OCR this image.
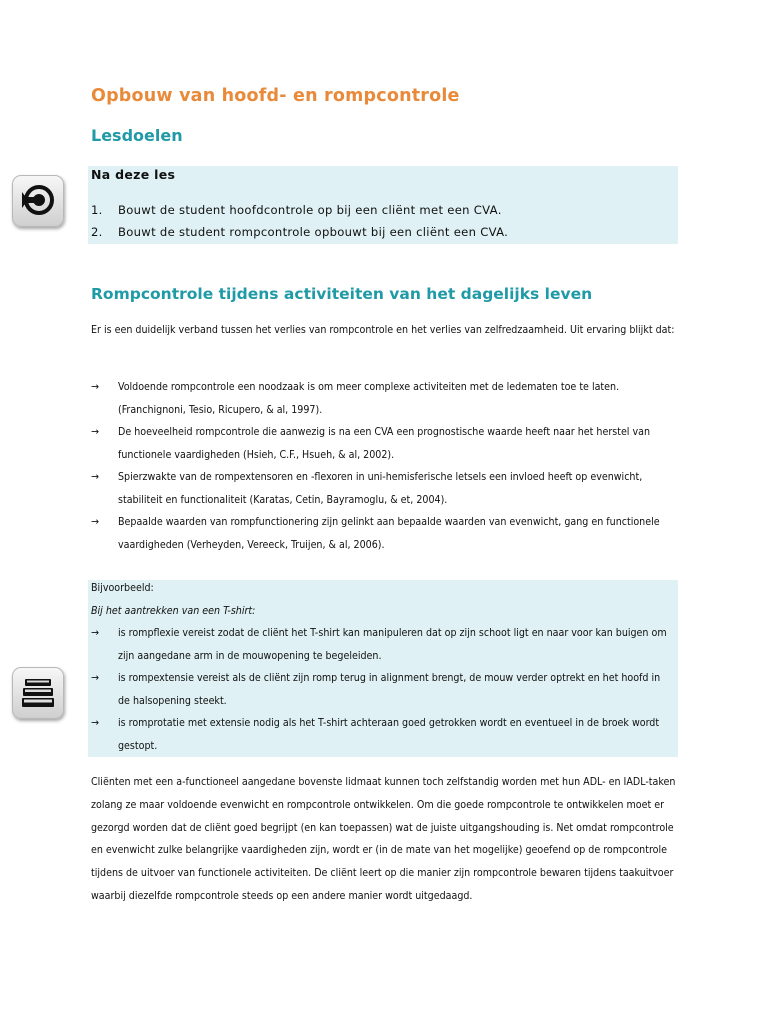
Opbouw van hoofd- en rompcontrole
Lesdoelen
Na deze les
1. Bouwt de student hoofdcontrole op bij een cliënt met een CVA.
2. Bouwt de student rompcontrole opbouwt bij een cliënt een CVA.
Rompcontrole tijdens activiteiten van het dagelijks leven
Er is een duidelijk verband tussen het verlies van rompcontrole en het verlies van zelfredzaamheid. Uit ervaring blijkt dat:
→ Voldoende rompcontrole een noodzaak is om meer complexe activiteiten met de ledematen toe te laten. (Franchignoni, Tesio, Ricupero, & al, 1997).
→ De hoeveelheid rompcontrole die aanwezig is na een CVA een prognostische waarde heeft naar het herstel van functionele vaardigheden (Hsieh, C.F., Hsueh, & al, 2002).
→ Spierzwakte van de rompextensoren en -flexoren in uni-hemisferische letsels een invloed heeft op evenwicht, stabiliteit en functionaliteit (Karatas, Cetin, Bayramoglu, & et, 2004).
→ Bepaalde waarden van rompfunctionering zijn gelinkt aan bepaalde waarden van evenwicht, gang en functionele vaardigheden (Verheyden, Vereeck, Truijen, & al, 2006).
Bijvoorbeeld:
Bij het aantrekken van een T-shirt:
→ is rompflexie vereist zodat de cliënt het T-shirt kan manipuleren dat op zijn schoot ligt en naar voor kan buigen om zijn aangedane arm in de mouwopening te begeleiden.
→ is rompextensie vereist als de cliënt zijn romp terug in alignment brengt, de mouw verder optrekt en het hoofd in de halsopening steekt.
→ is romprotatie met extensie nodig als het T-shirt achteraan goed getrokken wordt en eventueel in de broek wordt gestopt.
Cliënten met een a-functioneel aangedane bovenste lidmaat kunnen toch zelfstandig worden met hun ADL- en IADL-taken zolang ze maar voldoende evenwicht en rompcontrole ontwikkelen. Om die goede rompcontrole te ontwikkelen moet er gezorgd worden dat de cliënt goed begrijpt (en kan toepassen) wat de juiste uitgangshouding is. Net omdat rompcontrole en evenwicht zulke belangrijke vaardigheden zijn, wordt er (in de mate van het mogelijke) geoefend op de rompcontrole tijdens de uitvoer van functionele activiteiten. De cliënt leert op die manier zijn rompcontrole bewaren tijdens taakuitvoer waarbij diezelfde rompcontrole steeds op een andere manier wordt uitgedaagd.
